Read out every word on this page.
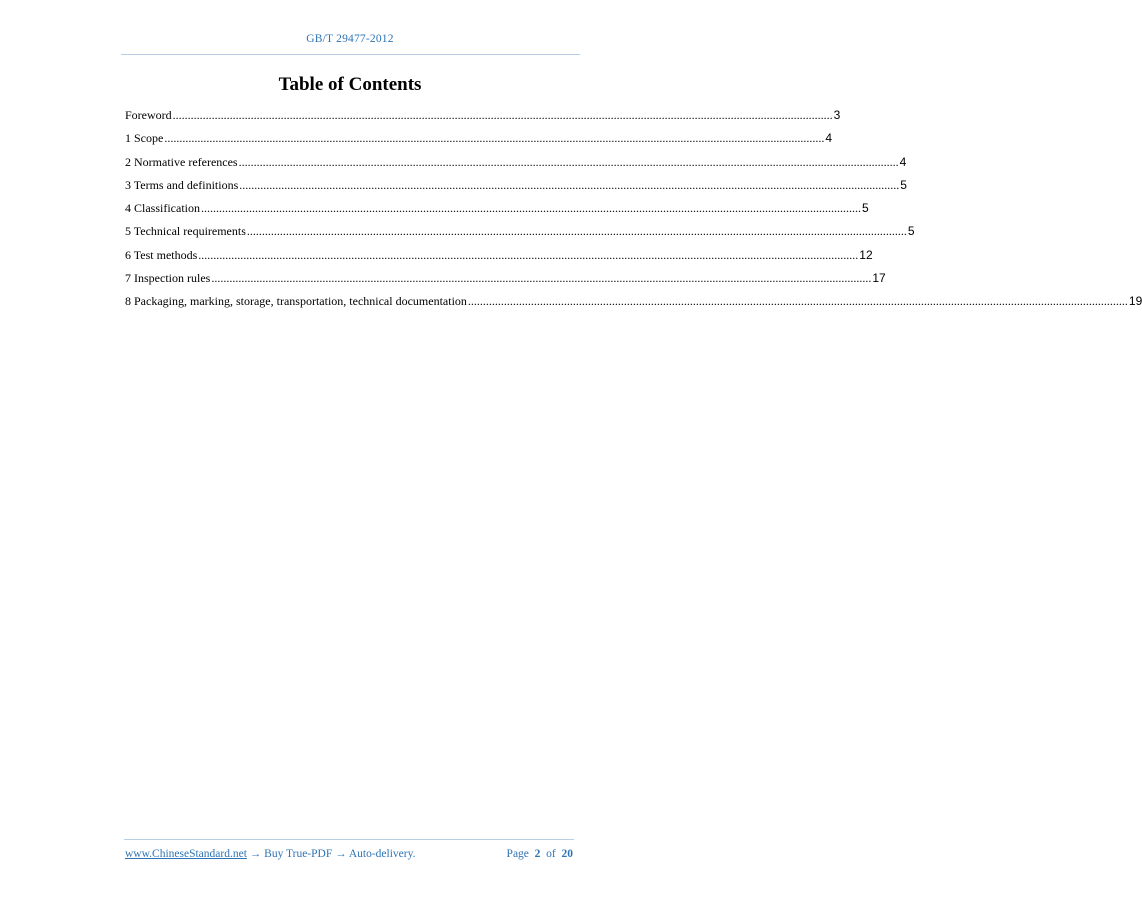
GB/T 29477-2012
Table of Contents
Foreword ............................................................................................................................................................................................................................ 3
1 Scope ............................................................................................................................................................................................................................ 4
2 Normative references ............................................................................................................................................................................................................................ 4
3 Terms and definitions ............................................................................................................................................................................................................................ 5
4 Classification ............................................................................................................................................................................................................................ 5
5 Technical requirements ............................................................................................................................................................................................................................ 5
6 Test methods ............................................................................................................................................................................................................................ 12
7 Inspection rules ............................................................................................................................................................................................................................ 17
8 Packaging, marking, storage, transportation, technical documentation ............................................................................................................................................................................................................................ 19
www.ChineseStandard.net → Buy True-PDF → Auto-delivery.	Page 2 of 20
